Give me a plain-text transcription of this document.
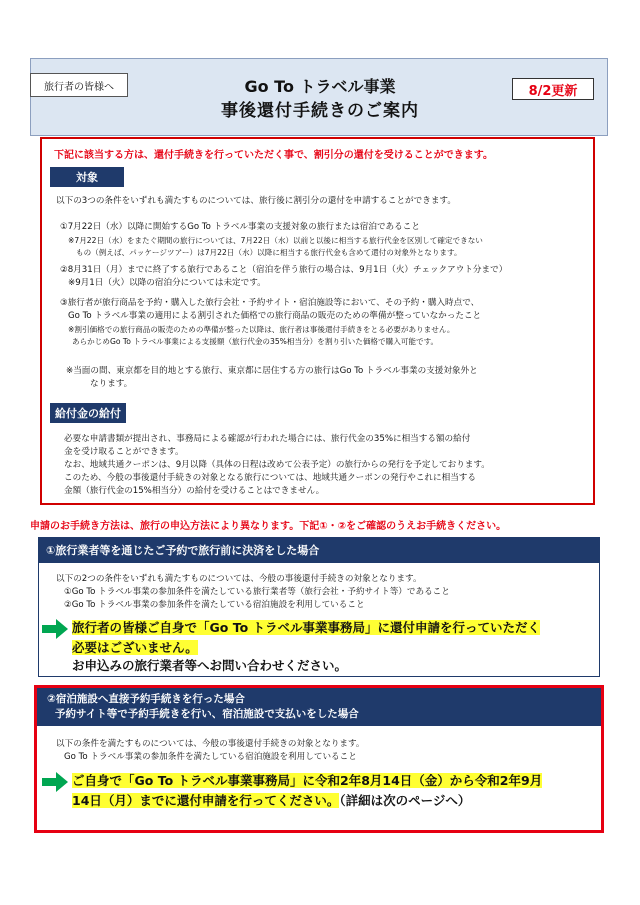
旅行者の皆様へ	Go To トラベル事業
事後還付手続きのご案内
8/2更新
下記に該当する方は、還付手続きを行っていただく事で、割引分の還付を受けることができます。
対象
以下の3つの条件をいずれも満たすものについては、旅行後に割引分の還付を申請することができます。
①7月22日（水）以降に開始するGo To トラベル事業の支援対象の旅行または宿泊であること
※7月22日（水）をまたぐ期間の旅行については、7月22日（水）以前と以後に相当する旅行代金を区別して確定できない
もの（例えば、パッケージツアー）は7月22日（水）以降に相当する旅行代金も含めて還付の対象外となります。
②8月31日（月）までに終了する旅行であること（宿泊を伴う旅行の場合は、9月1日（火）チェックアウト分まで）
※9月1日（火）以降の宿泊分については未定です。
③旅行者が旅行商品を予約・購入した旅行会社・予約サイト・宿泊施設等において、その予約・購入時点で、
Go To トラベル事業の適用による割引された価格での旅行商品の販売のための準備が整っていなかったこと
※割引価格での旅行商品の販売のための準備が整った以降は、旅行者は事後還付手続きをとる必要がありません。
あらかじめGo To トラベル事業による支援額（旅行代金の35%相当分）を割り引いた価格で購入可能です。
※当面の間、東京都を目的地とする旅行、東京都に居住する方の旅行はGo To トラベル事業の支援対象外と
なります。
給付金の給付
必要な申請書類が提出され、事務局による確認が行われた場合には、旅行代金の35%に相当する額の給付
金を受け取ることができます。
なお、地域共通クーポンは、9月以降（具体の日程は改めて公表予定）の旅行からの発行を予定しております。
このため、今般の事後還付手続きの対象となる旅行については、地域共通クーポンの発行やこれに相当する
金額（旅行代金の15%相当分）の給付を受けることはできません。
申請のお手続き方法は、旅行の申込方法により異なります。下記①・②をご確認のうえお手続きください。
①旅行業者等を通じたご予約で旅行前に決済をした場合
以下の2つの条件をいずれも満たすものについては、今般の事後還付手続きの対象となります。
①Go To トラベル事業の参加条件を満たしている旅行業者等（旅行会社・予約サイト等）であること
②Go To トラベル事業の参加条件を満たしている宿泊施設を利用していること
旅行者の皆様ご自身で「Go To トラベル事業事務局」に還付申請を行っていただく
必要はございません。
お申込みの旅行業者等へお問い合わせください。
②宿泊施設へ直接予約手続きを行った場合
予約サイト等で予約手続きを行い、宿泊施設で支払いをした場合
以下の条件を満たすものについては、今般の事後還付手続きの対象となります。
Go To トラベル事業の参加条件を満たしている宿泊施設を利用していること
ご自身で「Go To トラベル事業事務局」に令和2年8月14日（金）から令和2年9月
14日（月）までに還付申請を行ってください。（詳細は次のページへ）
